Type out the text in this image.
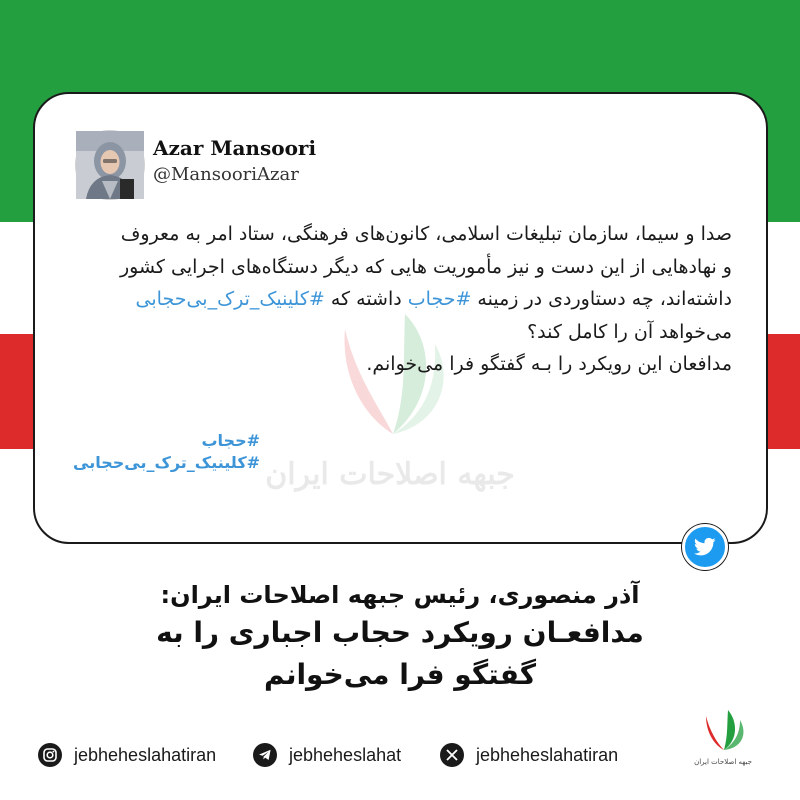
Azar Mansoori
@MansooriAzar
جبهه اصلاحات ایران

صدا و سیما، سازمان تبلیغات اسلامی، کانون‌های فرهنگی، ستاد امر به معروف

و نهادهایی از این دست و نیز مأموریت هایی که دیگر دستگاه‌های اجرایی کشور

داشته‌اند، چه دستاوردی در زمینه #حجاب داشته که #کلینیک_ترک_بی‌حجابی

می‌خواهد آن را کامل کند؟

مدافعان این رویکرد را بـه گفتگو فرا می‌خوانم.

#حجاب
#کلینیک_ترک_بی‌حجابی
آذر منصوری، رئیس جبهه اصلاحات ایران:
مدافعـان رویکرد حجاب اجباری را به
گفتگو فرا می‌خوانم
جبهه اصلاحات ایران
jebheheslahatiran	jebheheslahat	jebheheslahatiran
